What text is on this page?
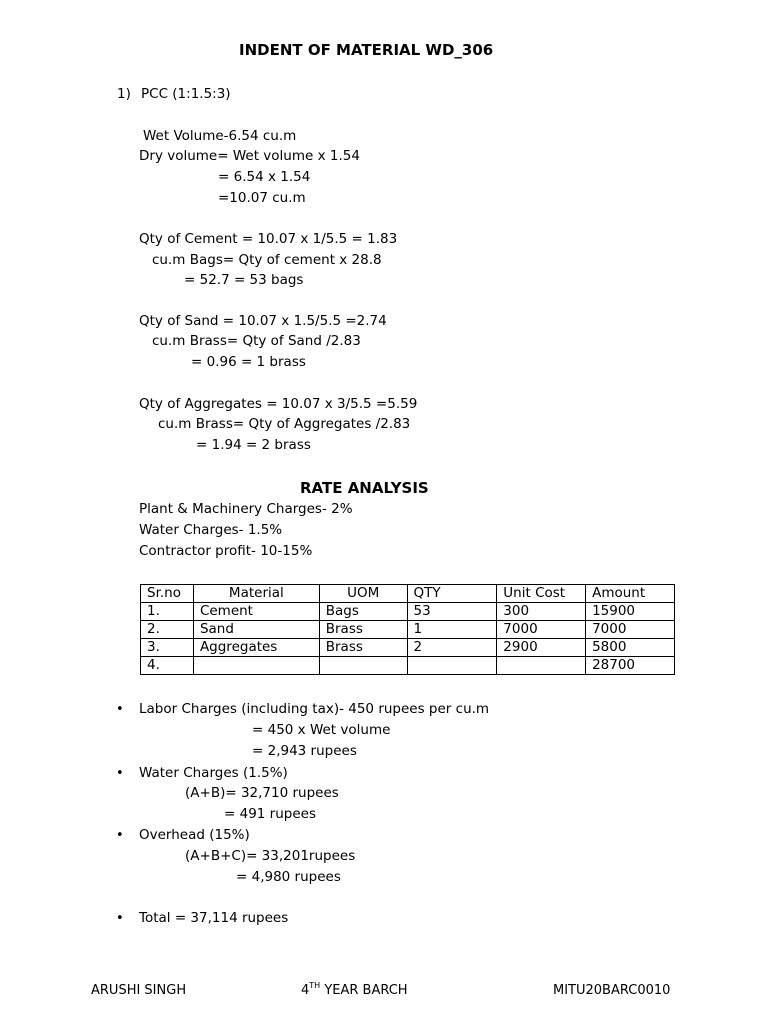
INDENT OF MATERIAL WD_306
1) PCC (1:1.5:3)
Wet Volume-6.54 cu.m
Dry volume= Wet volume x 1.54
= 6.54 x 1.54
=10.07 cu.m
Qty of Cement = 10.07 x 1/5.5 = 1.83
cu.m Bags= Qty of cement x 28.8
= 52.7 = 53 bags
Qty of Sand = 10.07 x 1.5/5.5 =2.74
cu.m Brass= Qty of Sand /2.83
= 0.96 = 1 brass
Qty of Aggregates = 10.07 x 3/5.5 =5.59
cu.m Brass= Qty of Aggregates /2.83
= 1.94 = 2 brass
RATE ANALYSIS
Plant & Machinery Charges- 2%
Water Charges- 1.5%
Contractor profit- 10-15%
Sr.no	Material	UOM	QTY	Unit Cost	Amount
1.	Cement	Bags	53	300	15900
2.	Sand	Brass	1	7000	7000
3.	Aggregates	Brass	2	2900	5800
4.					28700
• Labor Charges (including tax)- 450 rupees per cu.m
= 450 x Wet volume
= 2,943 rupees
• Water Charges (1.5%)
(A+B)= 32,710 rupees
= 491 rupees
• Overhead (15%)
(A+B+C)= 33,201rupees
= 4,980 rupees
• Total = 37,114 rupees
ARUSHI SINGH	4TH YEAR BARCH	MITU20BARC0010
